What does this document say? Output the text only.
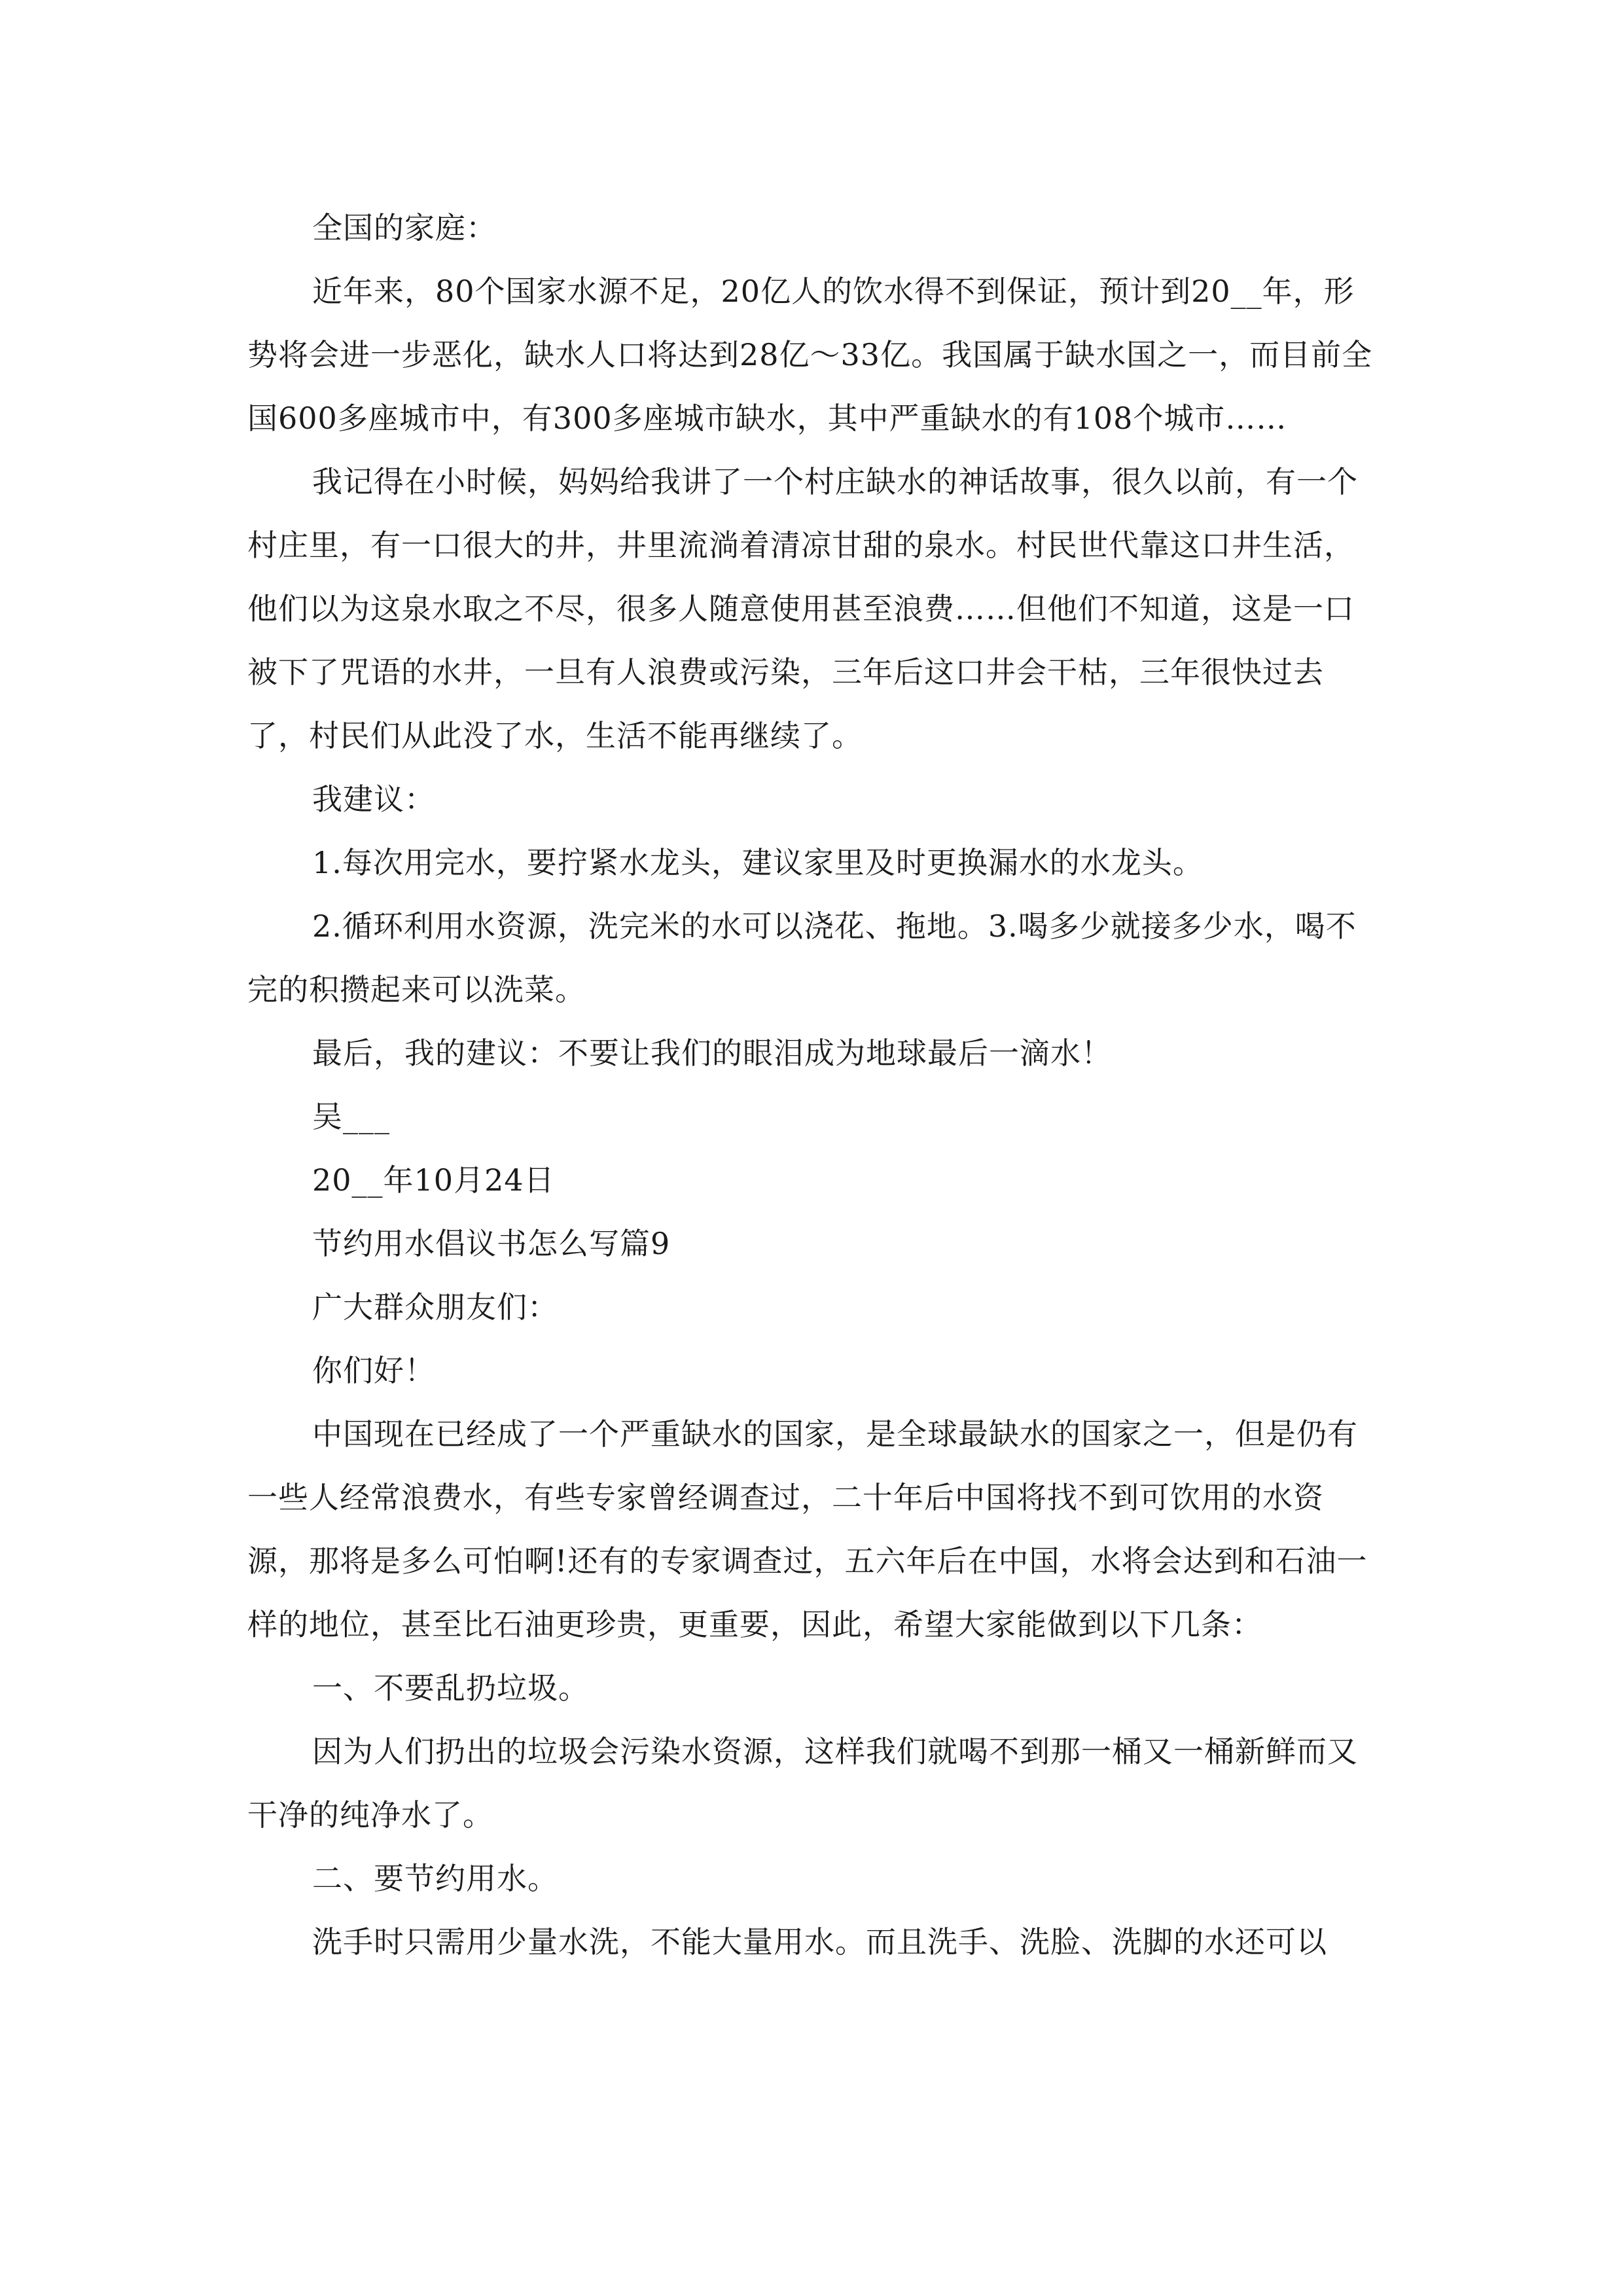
全国的家庭：

近年来，80个国家水源不足，20亿人的饮水得不到保证，预计到20__年，形势将会进一步恶化，缺水人口将达到28亿～33亿。我国属于缺水国之一，而目前全国600多座城市中，有300多座城市缺水，其中严重缺水的有108个城市……

我记得在小时候，妈妈给我讲了一个村庄缺水的神话故事，很久以前，有一个村庄里，有一口很大的井，井里流淌着清凉甘甜的泉水。村民世代靠这口井生活，他们以为这泉水取之不尽，很多人随意使用甚至浪费……但他们不知道，这是一口被下了咒语的水井，一旦有人浪费或污染，三年后这口井会干枯，三年很快过去了，村民们从此没了水，生活不能再继续了。

我建议：

1.每次用完水，要拧紧水龙头，建议家里及时更换漏水的水龙头。

2.循环利用水资源，洗完米的水可以浇花、拖地。3.喝多少就接多少水，喝不完的积攒起来可以洗菜。

最后，我的建议：不要让我们的眼泪成为地球最后一滴水！

吴___

20__年10月24日

节约用水倡议书怎么写篇9

广大群众朋友们：

你们好！

中国现在已经成了一个严重缺水的国家，是全球最缺水的国家之一，但是仍有一些人经常浪费水，有些专家曾经调查过，二十年后中国将找不到可饮用的水资源，那将是多么可怕啊!还有的专家调查过，五六年后在中国，水将会达到和石油一样的地位，甚至比石油更珍贵，更重要，因此，希望大家能做到以下几条：

一、不要乱扔垃圾。

因为人们扔出的垃圾会污染水资源，这样我们就喝不到那一桶又一桶新鲜而又干净的纯净水了。

二、要节约用水。

洗手时只需用少量水洗，不能大量用水。而且洗手、洗脸、洗脚的水还可以
